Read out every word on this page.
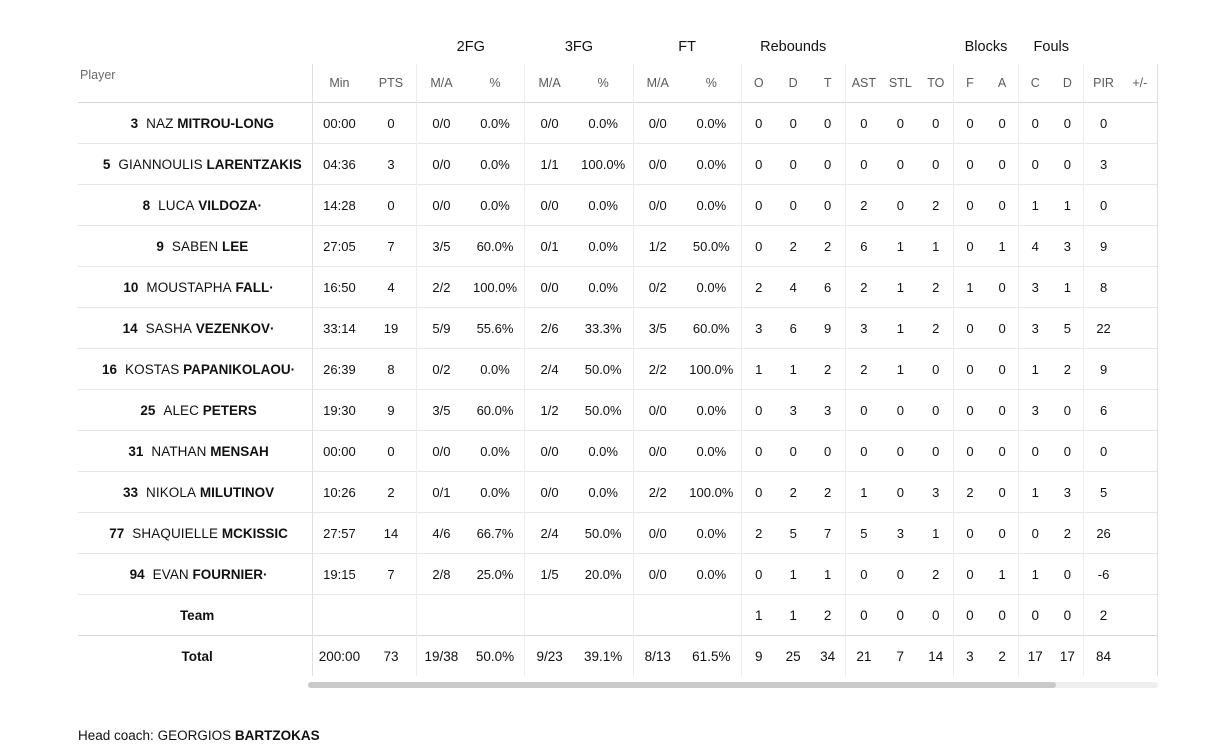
			2FG		3FG		FT		Rebounds						Blocks		Fouls			
Player	Min	PTS	M/A	%	M/A	%	M/A	%	O	D	T	AST	STL	TO	F	A	C	D	PIR	+/-
3 NAZ MITROU-LONG	00:00	0	0/0	0.0%	0/0	0.0%	0/0	0.0%	0	0	0	0	0	0	0	0	0	0	0	
5 GIANNOULIS LARENTZAKIS	04:36	3	0/0	0.0%	1/1	100.0%	0/0	0.0%	0	0	0	0	0	0	0	0	0	0	3	
8 LUCA VILDOZA·	14:28	0	0/0	0.0%	0/0	0.0%	0/0	0.0%	0	0	0	2	0	2	0	0	1	1	0	
9 SABEN LEE	27:05	7	3/5	60.0%	0/1	0.0%	1/2	50.0%	0	2	2	6	1	1	0	1	4	3	9	
10 MOUSTAPHA FALL·	16:50	4	2/2	100.0%	0/0	0.0%	0/2	0.0%	2	4	6	2	1	2	1	0	3	1	8	
14 SASHA VEZENKOV·	33:14	19	5/9	55.6%	2/6	33.3%	3/5	60.0%	3	6	9	3	1	2	0	0	3	5	22	
16 KOSTAS PAPANIKOLAOU·	26:39	8	0/2	0.0%	2/4	50.0%	2/2	100.0%	1	1	2	2	1	0	0	0	1	2	9	
25 ALEC PETERS	19:30	9	3/5	60.0%	1/2	50.0%	0/0	0.0%	0	3	3	0	0	0	0	0	3	0	6	
31 NATHAN MENSAH	00:00	0	0/0	0.0%	0/0	0.0%	0/0	0.0%	0	0	0	0	0	0	0	0	0	0	0	
33 NIKOLA MILUTINOV	10:26	2	0/1	0.0%	0/0	0.0%	2/2	100.0%	0	2	2	1	0	3	2	0	1	3	5	
77 SHAQUIELLE MCKISSIC	27:57	14	4/6	66.7%	2/4	50.0%	0/0	0.0%	2	5	7	5	3	1	0	0	0	2	26	
94 EVAN FOURNIER·	19:15	7	2/8	25.0%	1/5	20.0%	0/0	0.0%	0	1	1	0	0	2	0	1	1	0	-6	
Team									1	1	2	0	0	0	0	0	0	0	2	
Total	200:00	73	19/38	50.0%	9/23	39.1%	8/13	61.5%	9	25	34	21	7	14	3	2	17	17	84	
Head coach: GEORGIOS BARTZOKAS
